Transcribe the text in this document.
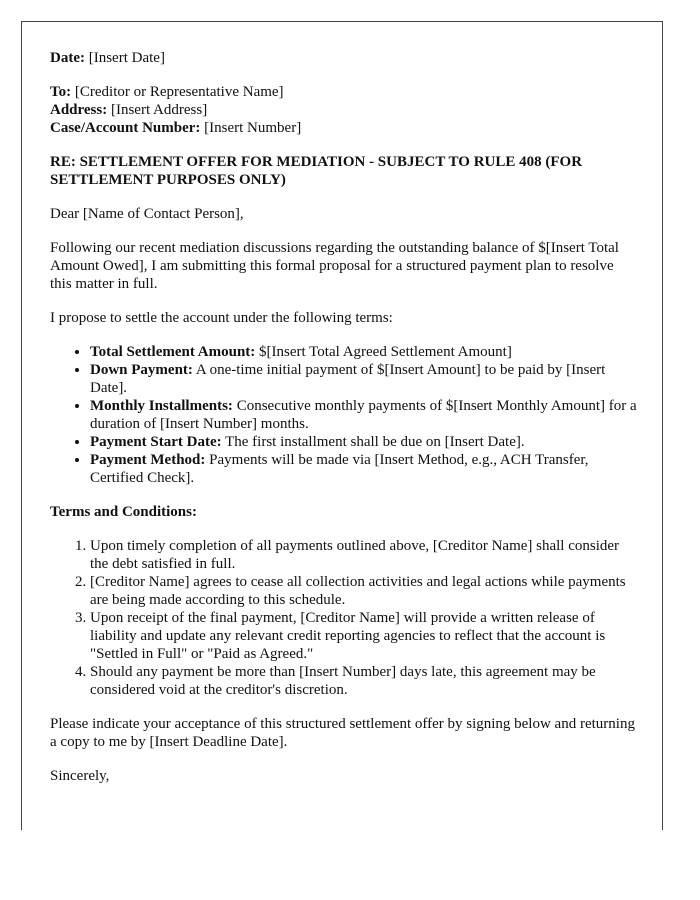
Date: [Insert Date]

To: [Creditor or Representative Name]

Address: [Insert Address]

Case/Account Number: [Insert Number]

RE: SETTLEMENT OFFER FOR MEDIATION - SUBJECT TO RULE 408 (FOR SETTLEMENT PURPOSES ONLY)

Dear [Name of Contact Person],

Following our recent mediation discussions regarding the outstanding balance of $[Insert Total Amount Owed], I am submitting this formal proposal for a structured payment plan to resolve this matter in full.

I propose to settle the account under the following terms:

• Total Settlement Amount: $[Insert Total Agreed Settlement Amount]
• Down Payment: A one-time initial payment of $[Insert Amount] to be paid by [Insert Date].
• Monthly Installments: Consecutive monthly payments of $[Insert Monthly Amount] for a duration of [Insert Number] months.
• Payment Start Date: The first installment shall be due on [Insert Date].
• Payment Method: Payments will be made via [Insert Method, e.g., ACH Transfer, Certified Check].

Terms and Conditions:

1. Upon timely completion of all payments outlined above, [Creditor Name] shall consider the debt satisfied in full.
2. [Creditor Name] agrees to cease all collection activities and legal actions while payments are being made according to this schedule.
3. Upon receipt of the final payment, [Creditor Name] will provide a written release of liability and update any relevant credit reporting agencies to reflect that the account is "Settled in Full" or "Paid as Agreed."
4. Should any payment be more than [Insert Number] days late, this agreement may be considered void at the creditor's discretion.

Please indicate your acceptance of this structured settlement offer by signing below and returning a copy to me by [Insert Deadline Date].

Sincerely,
